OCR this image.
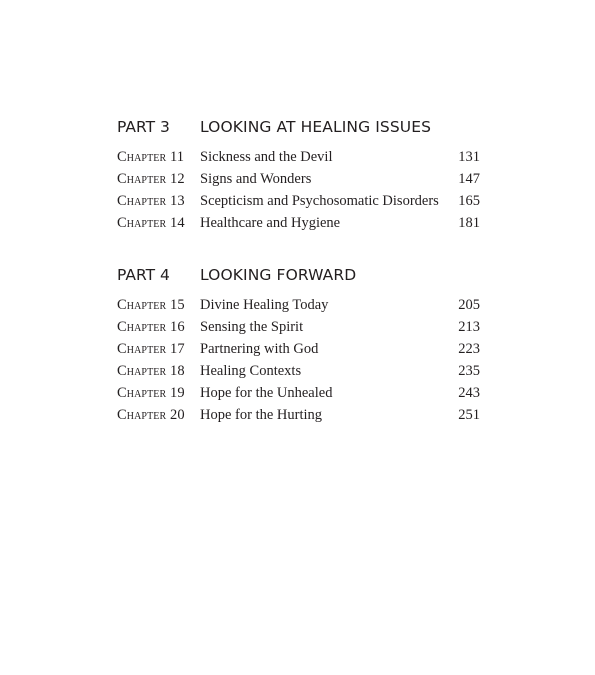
PART 3 LOOKING AT HEALING ISSUES
Chapter 11 Sickness and the Devil	131
Chapter 12 Signs and Wonders	147
Chapter 13 Scepticism and Psychosomatic Disorders 165
Chapter 14 Healthcare and Hygiene	181
PART 4 LOOKING FORWARD
Chapter 15 Divine Healing Today	205
Chapter 16 Sensing the Spirit	213
Chapter 17 Partnering with God	223
Chapter 18 Healing Contexts	235
Chapter 19 Hope for the Unhealed	243
Chapter 20 Hope for the Hurting	251
